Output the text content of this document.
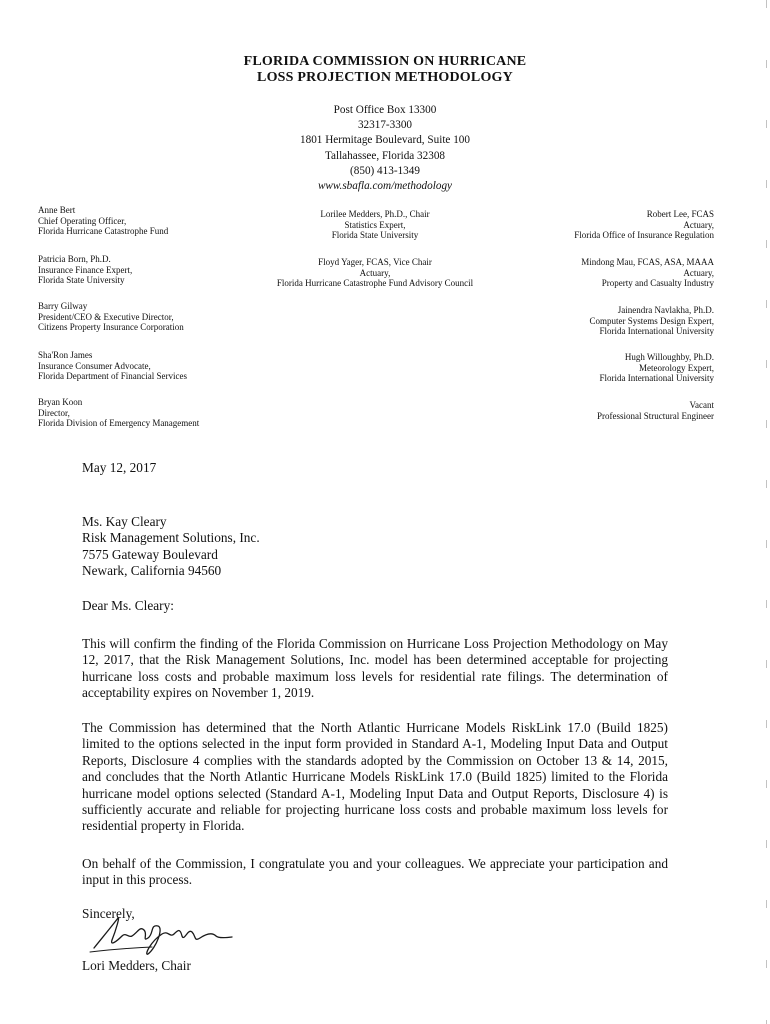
FLORIDA COMMISSION ON HURRICANE
LOSS PROJECTION METHODOLOGY
Post Office Box 13300
32317-3300
1801 Hermitage Boulevard, Suite 100
Tallahassee, Florida 32308
(850) 413-1349
www.sbafla.com/methodology
Anne Bert
Chief Operating Officer,
Florida Hurricane Catastrophe Fund
Patricia Born, Ph.D.
Insurance Finance Expert,
Florida State University
Barry Gilway
President/CEO & Executive Director,
Citizens Property Insurance Corporation
Sha'Ron James
Insurance Consumer Advocate,
Florida Department of Financial Services
Bryan Koon
Director,
Florida Division of Emergency Management
Lorilee Medders, Ph.D., Chair
Statistics Expert,
Florida State University
Floyd Yager, FCAS, Vice Chair
Actuary,
Florida Hurricane Catastrophe Fund Advisory Council
Robert Lee, FCAS
Actuary,
Florida Office of Insurance Regulation
Mindong Mau, FCAS, ASA, MAAA
Actuary,
Property and Casualty Industry
Jainendra Navlakha, Ph.D.
Computer Systems Design Expert,
Florida International University
Hugh Willoughby, Ph.D.
Meteorology Expert,
Florida International University
Vacant
Professional Structural Engineer
May 12, 2017
Ms. Kay Cleary
Risk Management Solutions, Inc.
7575 Gateway Boulevard
Newark, California 94560
Dear Ms. Cleary:
This will confirm the finding of the Florida Commission on Hurricane Loss Projection Methodology on May 12, 2017, that the Risk Management Solutions, Inc. model has been determined acceptable for projecting hurricane loss costs and probable maximum loss levels for residential rate filings. The determination of acceptability expires on November 1, 2019.
The Commission has determined that the North Atlantic Hurricane Models RiskLink 17.0 (Build 1825) limited to the options selected in the input form provided in Standard A-1, Modeling Input Data and Output Reports, Disclosure 4 complies with the standards adopted by the Commission on October 13 & 14, 2015, and concludes that the North Atlantic Hurricane Models RiskLink 17.0 (Build 1825) limited to the Florida hurricane model options selected (Standard A-1, Modeling Input Data and Output Reports, Disclosure 4) is sufficiently accurate and reliable for projecting hurricane loss costs and probable maximum loss levels for residential property in Florida.
On behalf of the Commission, I congratulate you and your colleagues. We appreciate your participation and input in this process.
Sincerely,
Lori Medders, Chair
